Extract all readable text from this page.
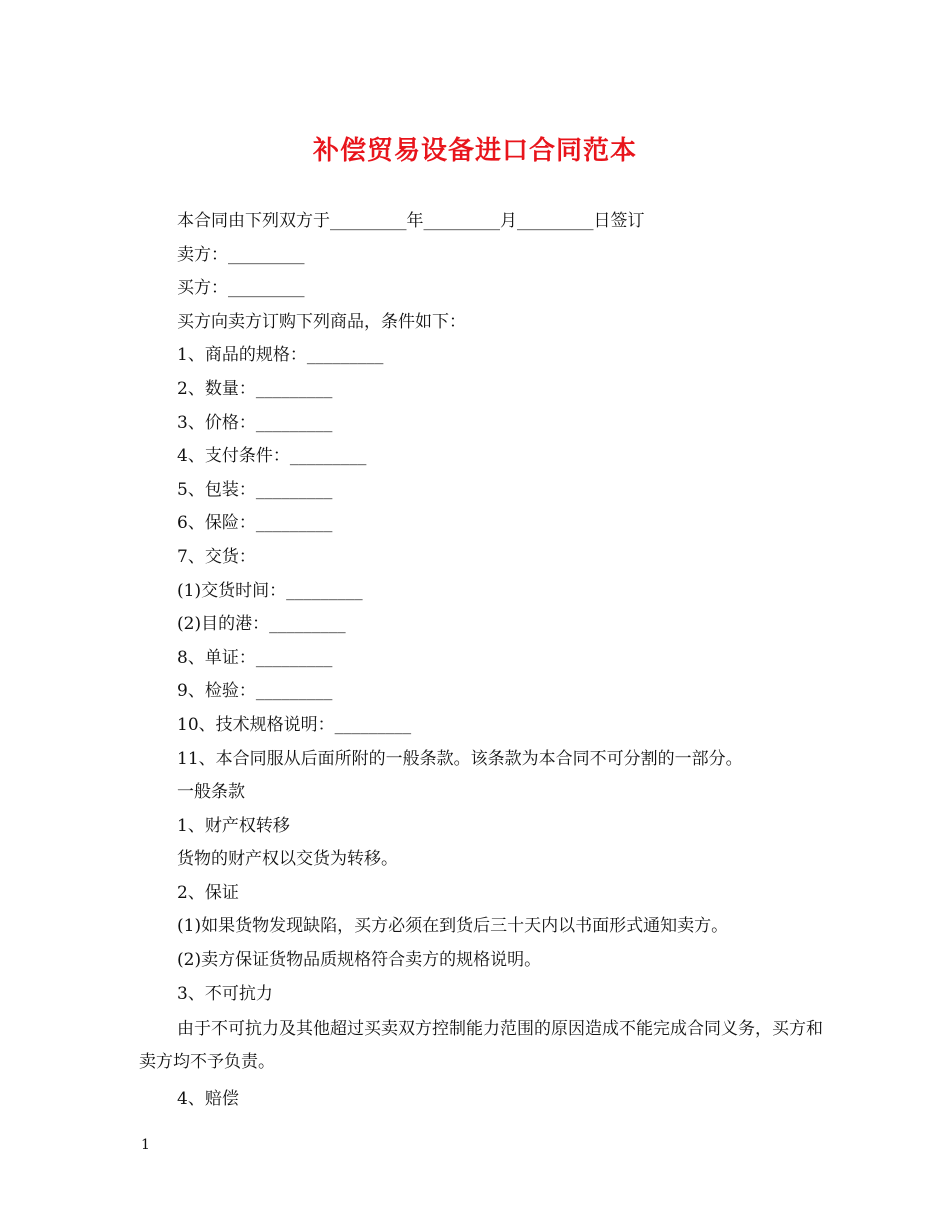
补偿贸易设备进口合同范本
本合同由下列双方于_________年_________月_________日签订
卖方：_________
买方：_________
买方向卖方订购下列商品，条件如下：
1、商品的规格：_________
2、数量：_________
3、价格：_________
4、支付条件：_________
5、包装：_________
6、保险：_________
7、交货：
(1)交货时间：_________
(2)目的港：_________
8、单证：_________
9、检验：_________
10、技术规格说明：_________
11、本合同服从后面所附的一般条款。该条款为本合同不可分割的一部分。
一般条款
1、财产权转移
货物的财产权以交货为转移。
2、保证
(1)如果货物发现缺陷，买方必须在到货后三十天内以书面形式通知卖方。
(2)卖方保证货物品质规格符合卖方的规格说明。
3、不可抗力
由于不可抗力及其他超过买卖双方控制能力范围的原因造成不能完成合同义务，买方和卖方均不予负责。
4、赔偿
1
